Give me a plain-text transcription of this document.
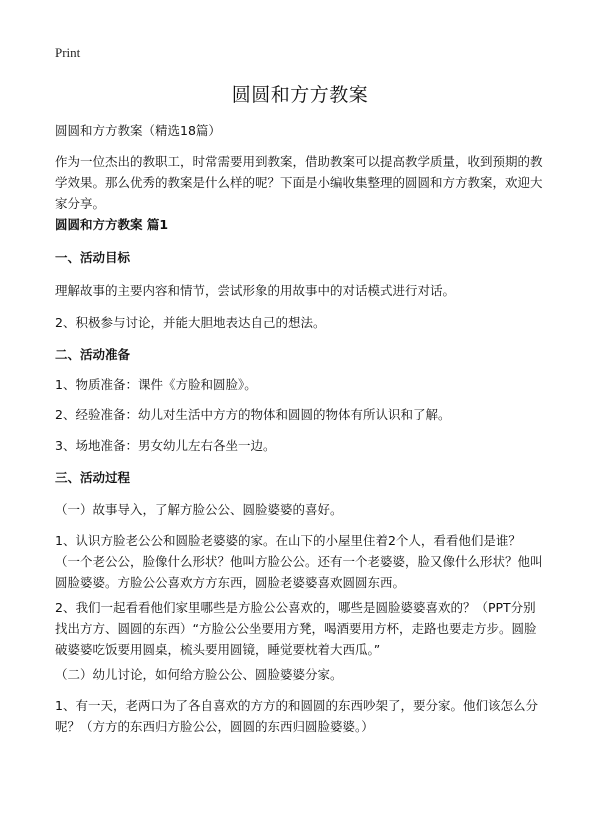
Print
圆圆和方方教案

圆圆和方方教案（精选18篇）

作为一位杰出的教职工，时常需要用到教案，借助教案可以提高教学质量，收到预期的教学效果。那么优秀的教案是什么样的呢？下面是小编收集整理的圆圆和方方教案，欢迎大家分享。

圆圆和方方教案 篇1

一、活动目标

理解故事的主要内容和情节，尝试形象的用故事中的对话模式进行对话。

2、积极参与讨论，并能大胆地表达自己的想法。

二、活动准备

1、物质准备：课件《方脸和圆脸》。

2、经验准备：幼儿对生活中方方的物体和圆圆的物体有所认识和了解。

3、场地准备：男女幼儿左右各坐一边。

三、活动过程

（一）故事导入，了解方脸公公、圆脸婆婆的喜好。

1、认识方脸老公公和圆脸老婆婆的家。在山下的小屋里住着2个人，看看他们是谁？（一个老公公，脸像什么形状？他叫方脸公公。还有一个老婆婆，脸又像什么形状？他叫圆脸婆婆。方脸公公喜欢方方东西，圆脸老婆婆喜欢圆圆东西。

2、我们一起看看他们家里哪些是方脸公公喜欢的，哪些是圆脸婆婆喜欢的？（PPT分别找出方方、圆圆的东西）“方脸公公坐要用方凳，喝酒要用方杯，走路也要走方步。圆脸破婆婆吃饭要用圆桌，梳头要用圆镜，睡觉要枕着大西瓜。”

（二）幼儿讨论，如何给方脸公公、圆脸婆婆分家。

1、有一天，老两口为了各自喜欢的方方的和圆圆的东西吵架了，要分家。他们该怎么分呢？（方方的东西归方脸公公，圆圆的东西归圆脸婆婆。）
